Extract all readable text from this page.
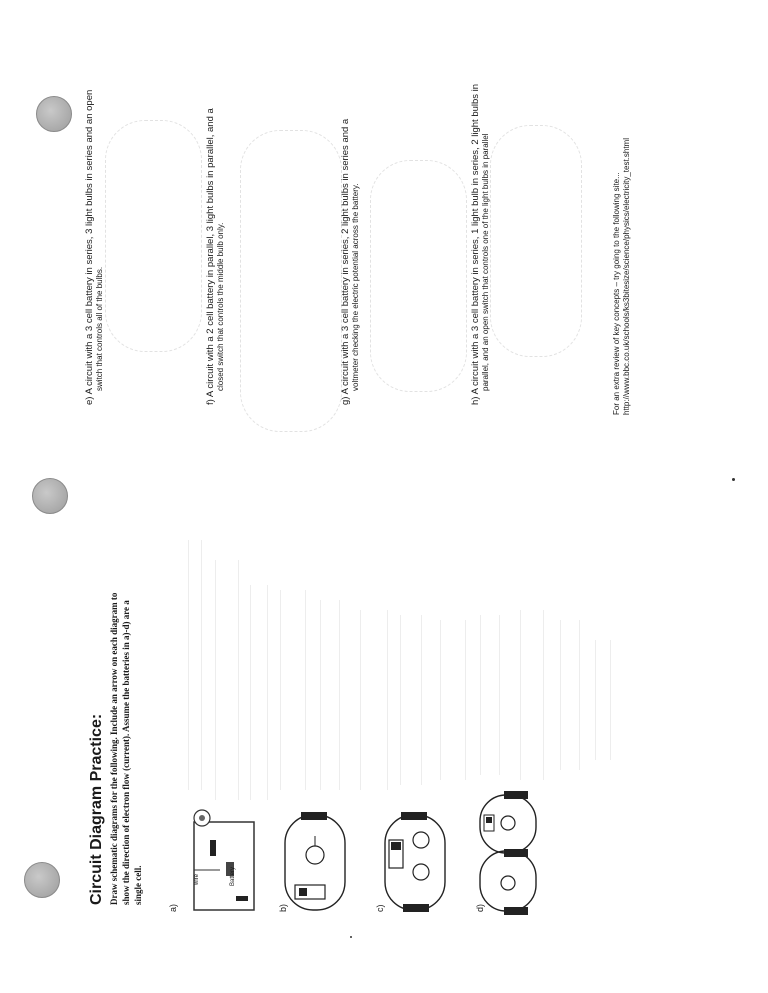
Circuit Diagram Practice: Draw schematic diagrams for the following. Include an arrow on each diagram to show the direction of electron flow (current). Assume the batteries in a)-d) are a single cell.
a)	b)	c)	d)
wire	Battery
e) A circuit with a 3 cell battery in series, 3 light bulbs in series and an open switch that controls all of the bulbs.
f) A circuit with a 2 cell battery in parallel, 3 light bulbs in parallel, and a closed switch that controls the middle bulb only.
g) A circuit with a 3 cell battery in series, 2 light bulbs in series and a voltmeter checking the electric potential across the battery.
h) A circuit with a 3 cell battery in series, 1 light bulb in series, 2 light bulbs in parallel, and an open switch that controls one of the light bulbs in parallel	For an extra review of key concepts – try going to the following site... http://www.bbc.co.uk/schools/ks3bitesize/science/physics/electricity_test.shtml
